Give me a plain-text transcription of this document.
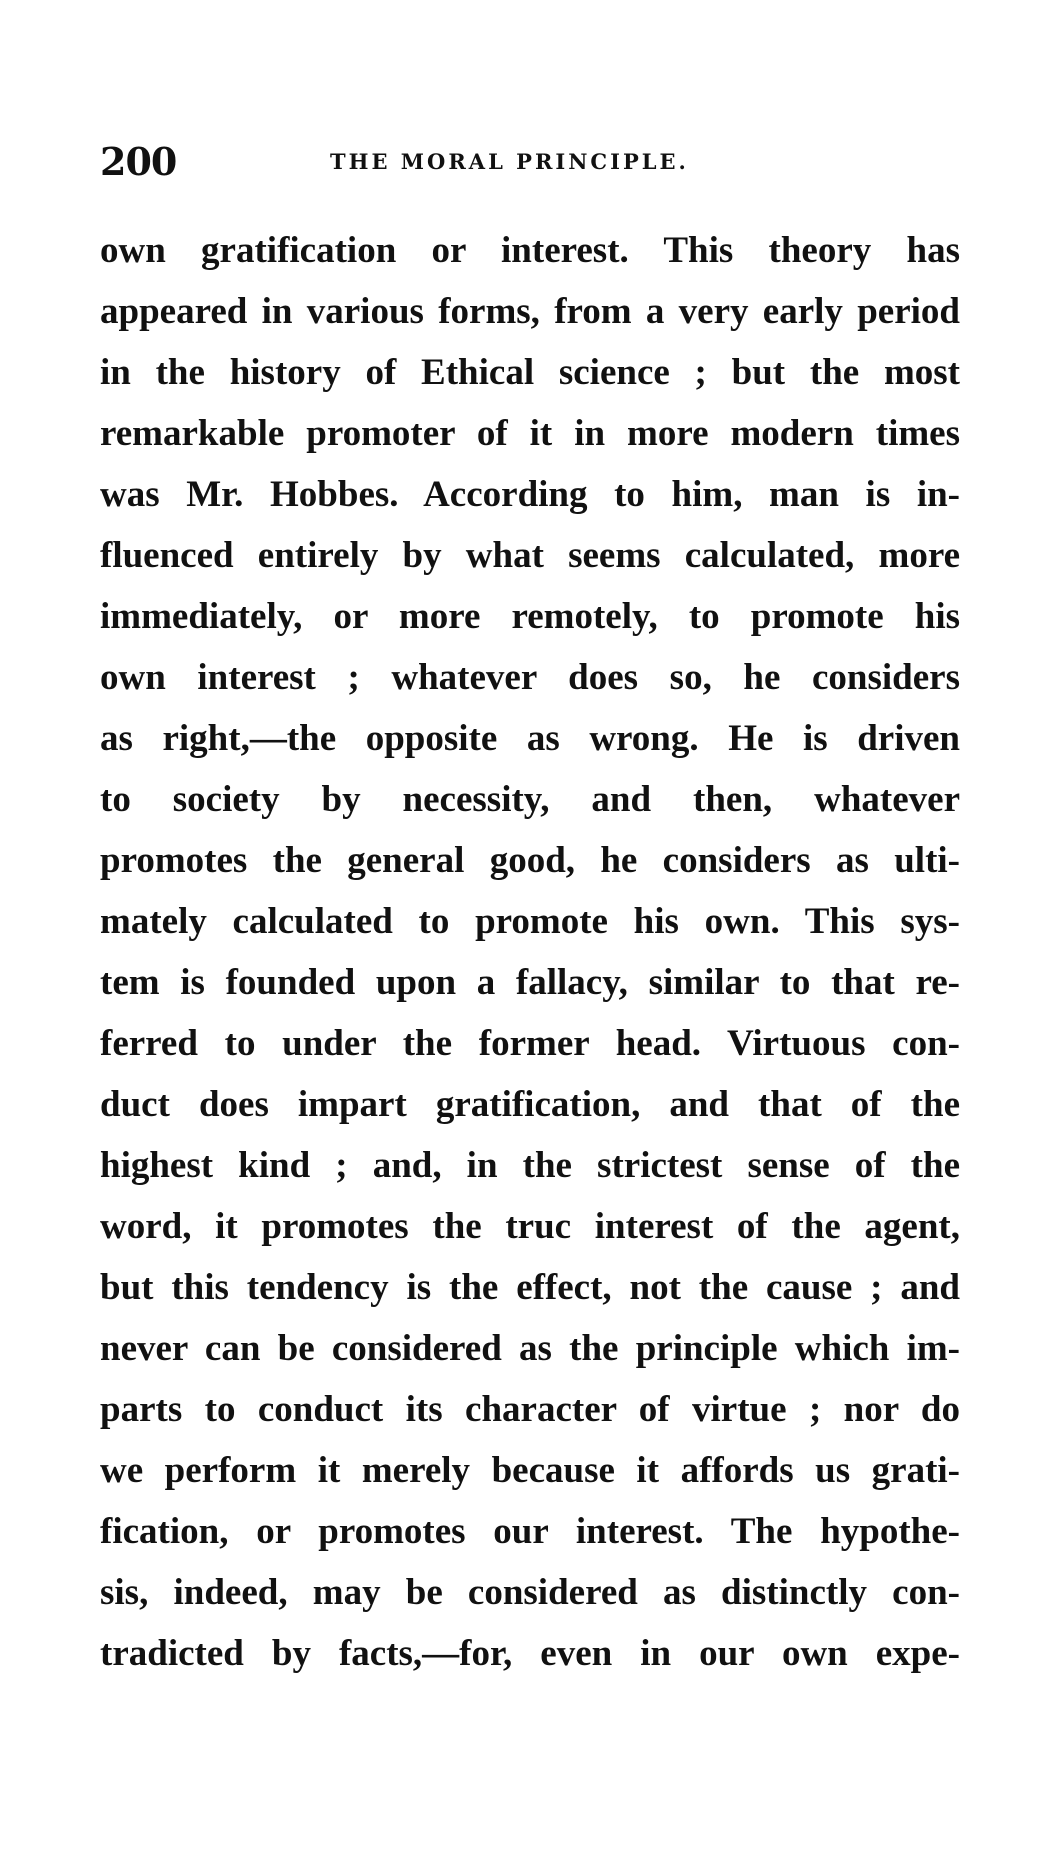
200	THE MORAL PRINCIPLE.
own gratification or interest. This theory has
appeared in various forms, from a very early period
in the history of Ethical science ; but the most
remarkable promoter of it in more modern times
was Mr. Hobbes. According to him, man is in-
fluenced entirely by what seems calculated, more
immediately, or more remotely, to promote his
own interest ; whatever does so, he considers
as right,—the opposite as wrong. He is driven
to society by necessity, and then, whatever
promotes the general good, he considers as ulti-
mately calculated to promote his own. This sys-
tem is founded upon a fallacy, similar to that re-
ferred to under the former head. Virtuous con-
duct does impart gratification, and that of the
highest kind ; and, in the strictest sense of the
word, it promotes the truc interest of the agent,
but this tendency is the effect, not the cause ; and
never can be considered as the principle which im-
parts to conduct its character of virtue ; nor do
we perform it merely because it affords us grati-
fication, or promotes our interest. The hypothe-
sis, indeed, may be considered as distinctly con-
tradicted by facts,—for, even in our own expe-
